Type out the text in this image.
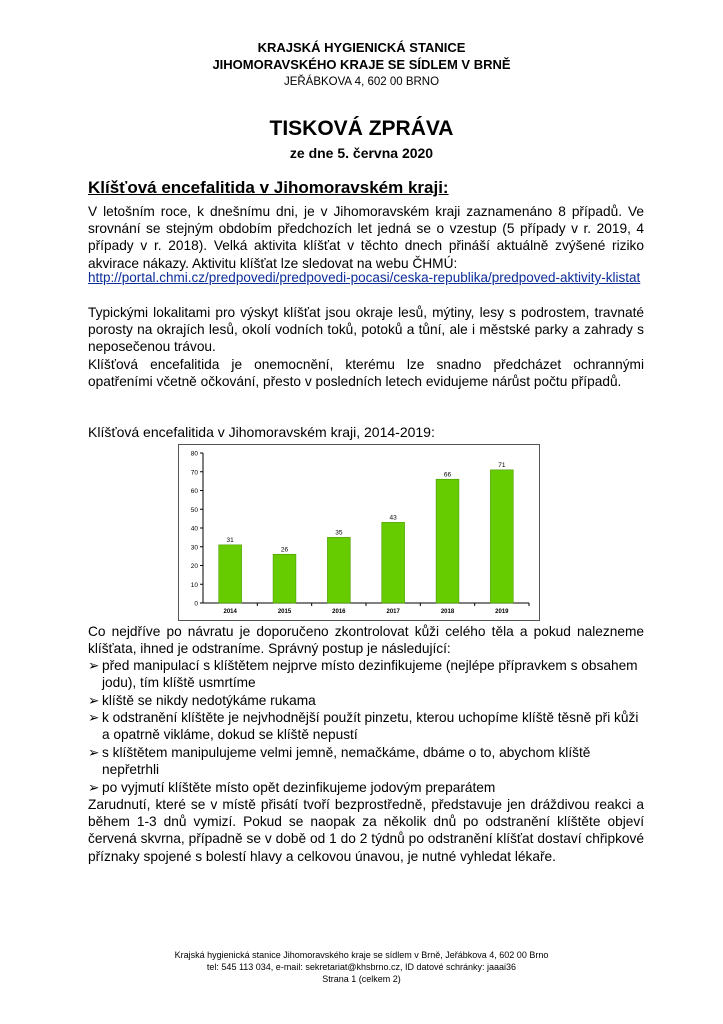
KRAJSKÁ HYGIENICKÁ STANICE
JIHOMORAVSKÉHO KRAJE SE SÍDLEM V BRNĚ
JEŘÁBKOVA 4, 602 00 BRNO
TISKOVÁ ZPRÁVA
ze dne 5. června 2020
Klíšťová encefalitida v Jihomoravském kraji:
V letošním roce, k dnešnímu dni, je v Jihomoravském kraji zaznamenáno 8 případů. Ve srovnání se stejným obdobím předchozích let jedná se o vzestup (5 případy v r. 2019, 4 případy v r. 2018). Velká aktivita klíšťat v těchto dnech přináší aktuálně zvýšené riziko akvirace nákazy. Aktivitu klíšťat lze sledovat na webu ČHMÚ:
http://portal.chmi.cz/predpovedi/predpovedi-pocasi/ceska-republika/predpoved-aktivity-klistat
Typickými lokalitami pro výskyt klíšťat jsou okraje lesů, mýtiny, lesy s podrostem, travnaté porosty na okrajích lesů, okolí vodních toků, potoků a tůní, ale i městské parky a zahrady s neposečenou trávou.
Klíšťová encefalitida je onemocnění, kterému lze snadno předcházet ochrannými opatřeními včetně očkování, přesto v posledních letech evidujeme nárůst počtu případů.
Klíšťová encefalitida v Jihomoravském kraji, 2014-2019:
0
10
20
30
40
50
60
70
80
31
2014
26
2015
35
2016
43
2017
66
2018
71
2019
Co nejdříve po návratu je doporučeno zkontrolovat kůži celého těla a pokud nalezneme klíšťata, ihned je odstraníme. Správný postup je následující:
➢ před manipulací s klíštětem nejprve místo dezinfikujeme (nejlépe přípravkem s obsahem jodu), tím klíště usmrtíme
➢ klíště se nikdy nedotýkáme rukama
➢ k odstranění klíštěte je nejvhodnější použít pinzetu, kterou uchopíme klíště těsně při kůži a opatrně vikláme, dokud se klíště nepustí
➢ s klíštětem manipulujeme velmi jemně, nemačkáme, dbáme o to, abychom klíště nepřetrhli
➢ po vyjmutí klíštěte místo opět dezinfikujeme jodovým preparátem
Zarudnutí, které se v místě přisátí tvoří bezprostředně, představuje jen dráždivou reakci a během 1-3 dnů vymizí. Pokud se naopak za několik dnů po odstranění klíštěte objeví červená skvrna, případně se v době od 1 do 2 týdnů po odstranění klíšťat dostaví chřipkové příznaky spojené s bolestí hlavy a celkovou únavou, je nutné vyhledat lékaře.
Krajská hygienická stanice Jihomoravského kraje se sídlem v Brně, Jeřábkova 4, 602 00 Brno
tel: 545 113 034, e-mail: sekretariat@khsbrno.cz, ID datové schránky: jaaai36
Strana 1 (celkem 2)
